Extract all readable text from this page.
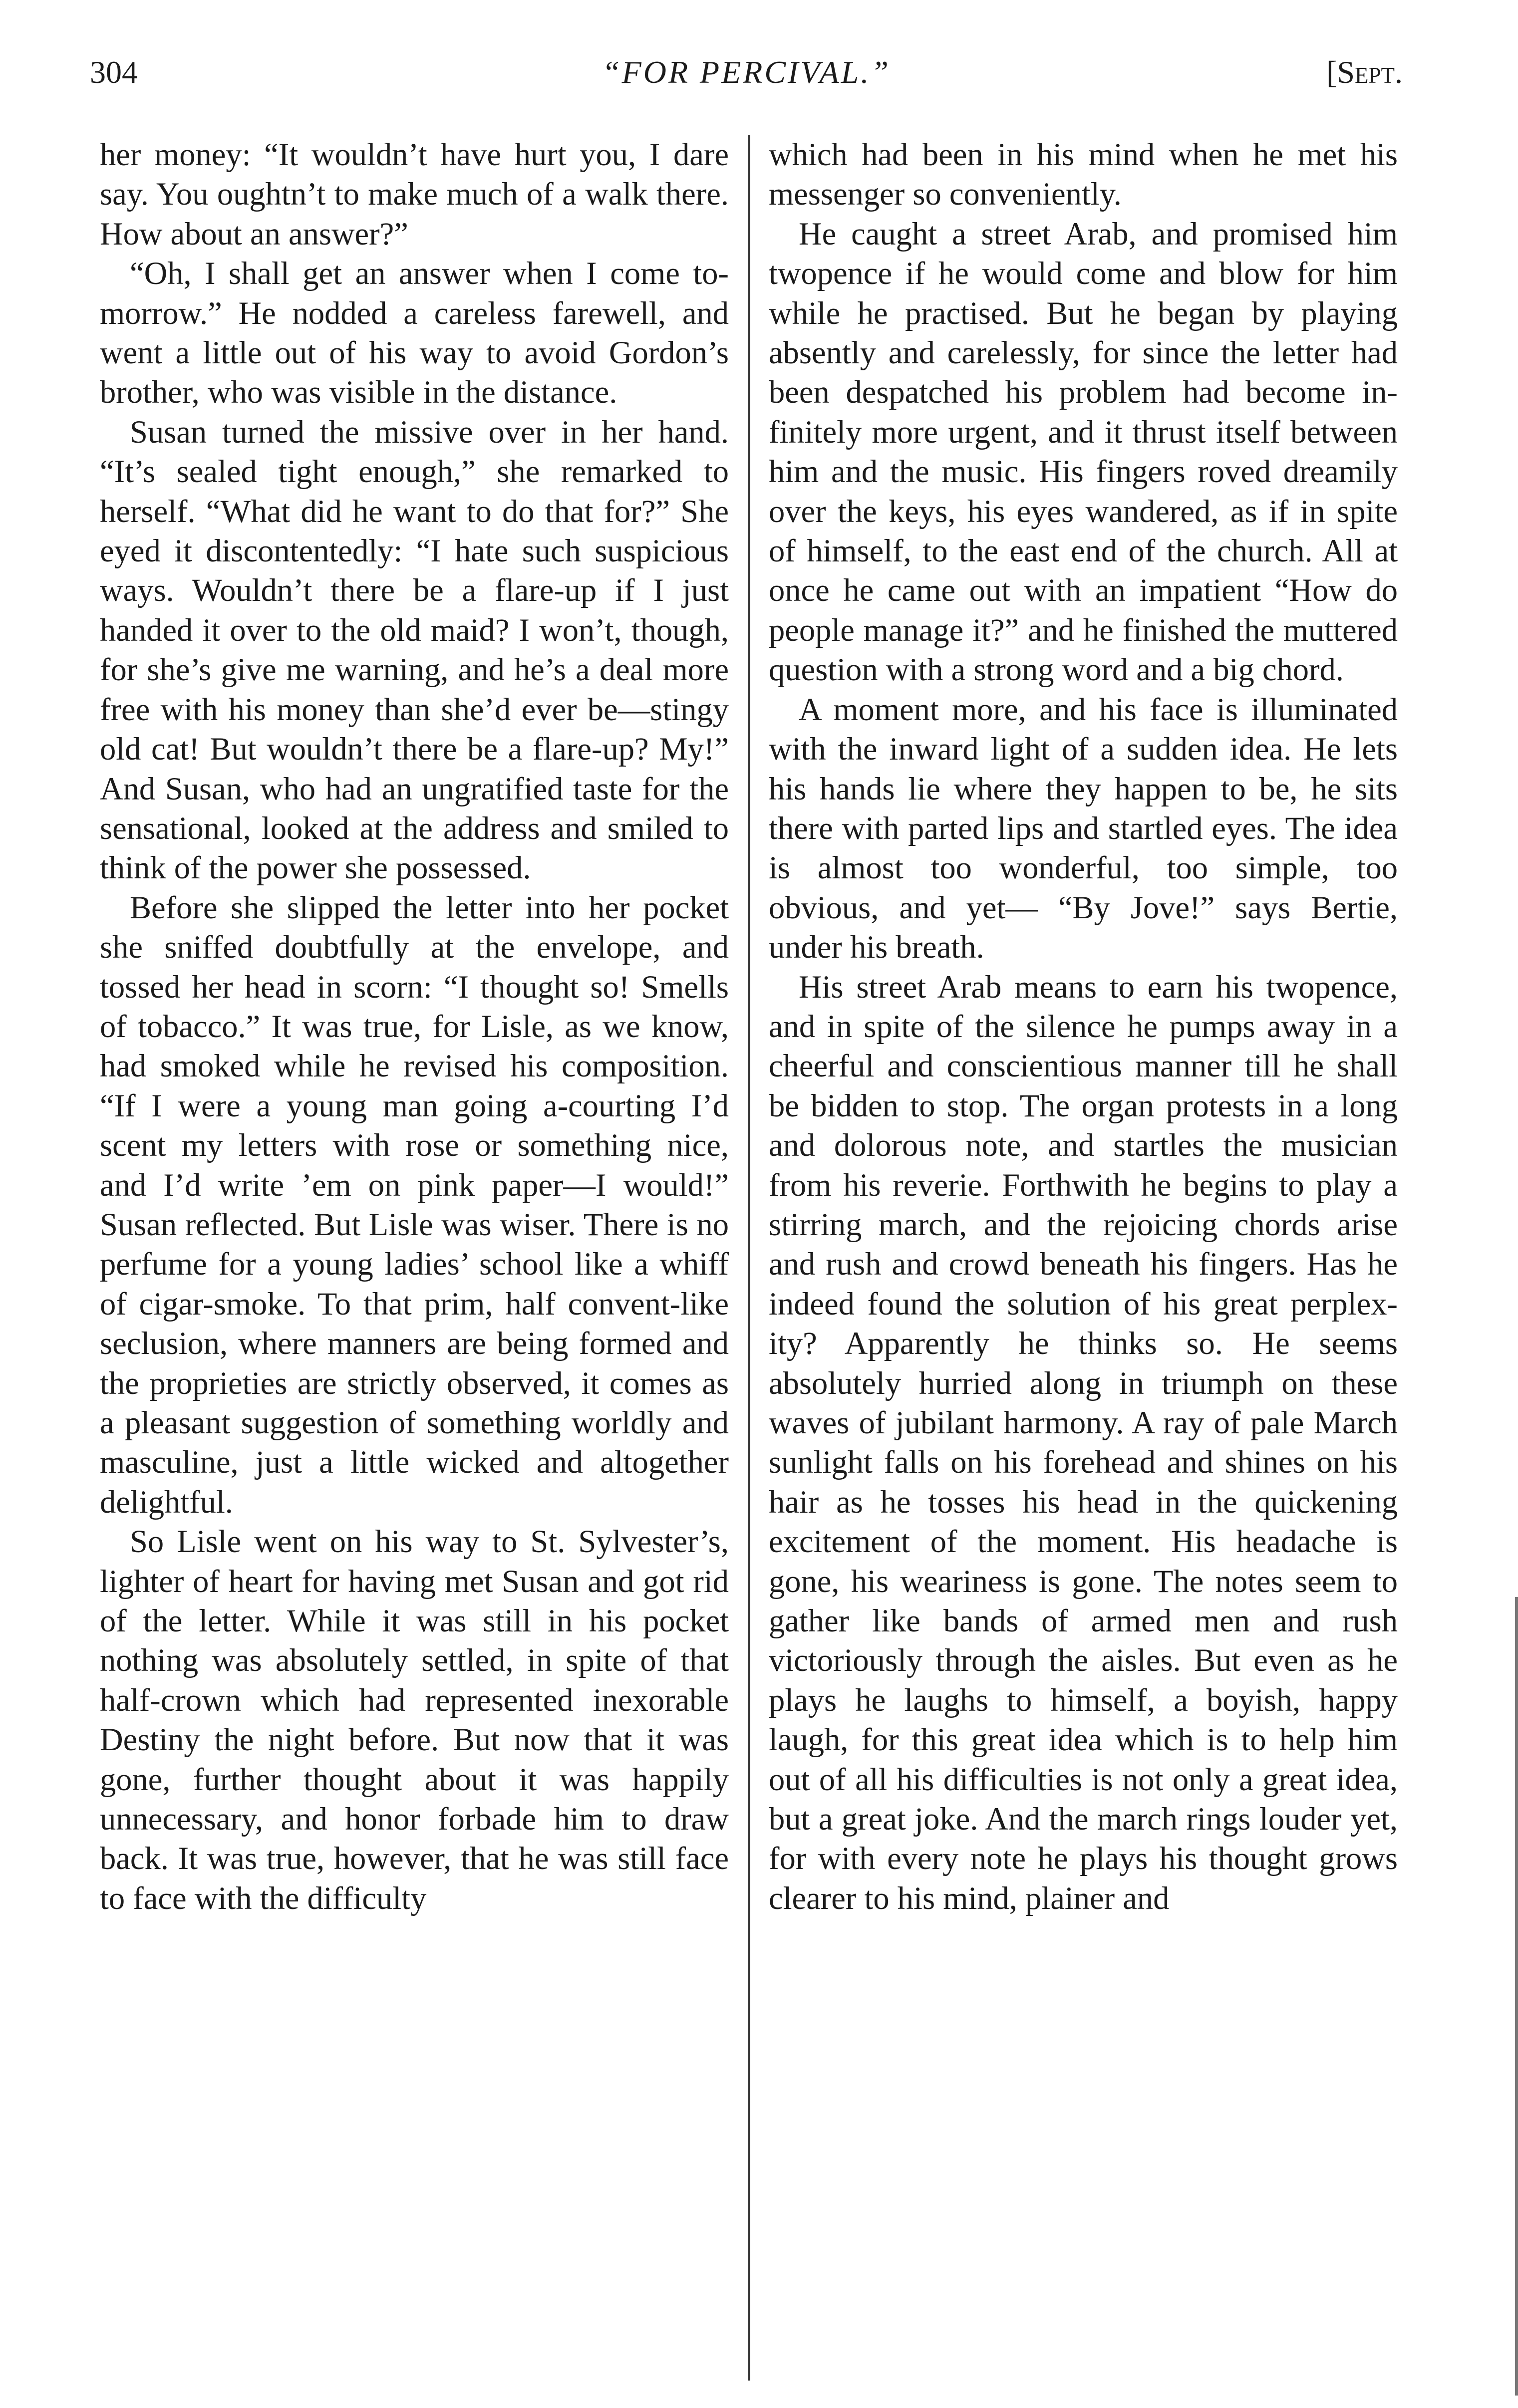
304	“FOR PERCIVAL.”	[Sept.

her money: “It wouldn’t have hurt you, I dare say. You oughtn’t to make much of a walk there. How about an answer?”

“Oh, I shall get an answer when I come to-morrow.” He nodded a careless farewell, and went a little out of his way to avoid Gordon’s brother, who was visible in the distance.

Susan turned the missive over in her hand. “It’s sealed tight enough,” she remarked to herself. “What did he want to do that for?” She eyed it discontentedly: “I hate such suspicious ways. Wouldn’t there be a flare-up if I just handed it over to the old maid? I won’t, though, for she’s give me warning, and he’s a deal more free with his money than she’d ever be—stingy old cat! But wouldn’t there be a flare-up? My!” And Susan, who had an ungratified taste for the sensational, looked at the address and smiled to think of the power she possessed.

Before she slipped the letter into her pocket she sniffed doubtfully at the envelope, and tossed her head in scorn: “I thought so! Smells of tobacco.” It was true, for Lisle, as we know, had smoked while he revised his composition. “If I were a young man going a-courting I’d scent my letters with rose or something nice, and I’d write ’em on pink paper—I would!” Susan reflected. But Lisle was wiser. There is no perfume for a young ladies’ school like a whiff of cigar-smoke. To that prim, half convent-like seclusion, where manners are being formed and the proprieties are strictly observed, it comes as a pleasant suggestion of something worldly and masculine, just a little wicked and altogether delightful.

So Lisle went on his way to St. Sylvester’s, lighter of heart for having met Susan and got rid of the letter. While it was still in his pocket nothing was absolutely settled, in spite of that half-crown which had represented inexorable Destiny the night before. But now that it was gone, further thought about it was happily unnecessary, and honor forbade him to draw back. It was true, however, that he was still face to face with the difficulty

which had been in his mind when he met his messenger so conveniently.

He caught a street Arab, and promised him twopence if he would come and blow for him while he practised. But he began by playing absently and carelessly, for since the letter had been despatched his problem had become infinitely more urgent, and it thrust itself between him and the music. His fingers roved dreamily over the keys, his eyes wandered, as if in spite of himself, to the east end of the church. All at once he came out with an impatient “How do people manage it?” and he finished the muttered question with a strong word and a big chord.

A moment more, and his face is illuminated with the inward light of a sudden idea. He lets his hands lie where they happen to be, he sits there with parted lips and startled eyes. The idea is almost too wonderful, too simple, too obvious, and yet— “By Jove!” says Bertie, under his breath.

His street Arab means to earn his twopence, and in spite of the silence he pumps away in a cheerful and conscientious manner till he shall be bidden to stop. The organ protests in a long and dolorous note, and startles the musician from his reverie. Forthwith he begins to play a stirring march, and the rejoicing chords arise and rush and crowd beneath his fingers. Has he indeed found the solution of his great perplexity? Apparently he thinks so. He seems absolutely hurried along in triumph on these waves of jubilant harmony. A ray of pale March sunlight falls on his forehead and shines on his hair as he tosses his head in the quickening excitement of the moment. His headache is gone, his weariness is gone. The notes seem to gather like bands of armed men and rush victoriously through the aisles. But even as he plays he laughs to himself, a boyish, happy laugh, for this great idea which is to help him out of all his difficulties is not only a great idea, but a great joke. And the march rings louder yet, for with every note he plays his thought grows clearer to his mind, plainer and
